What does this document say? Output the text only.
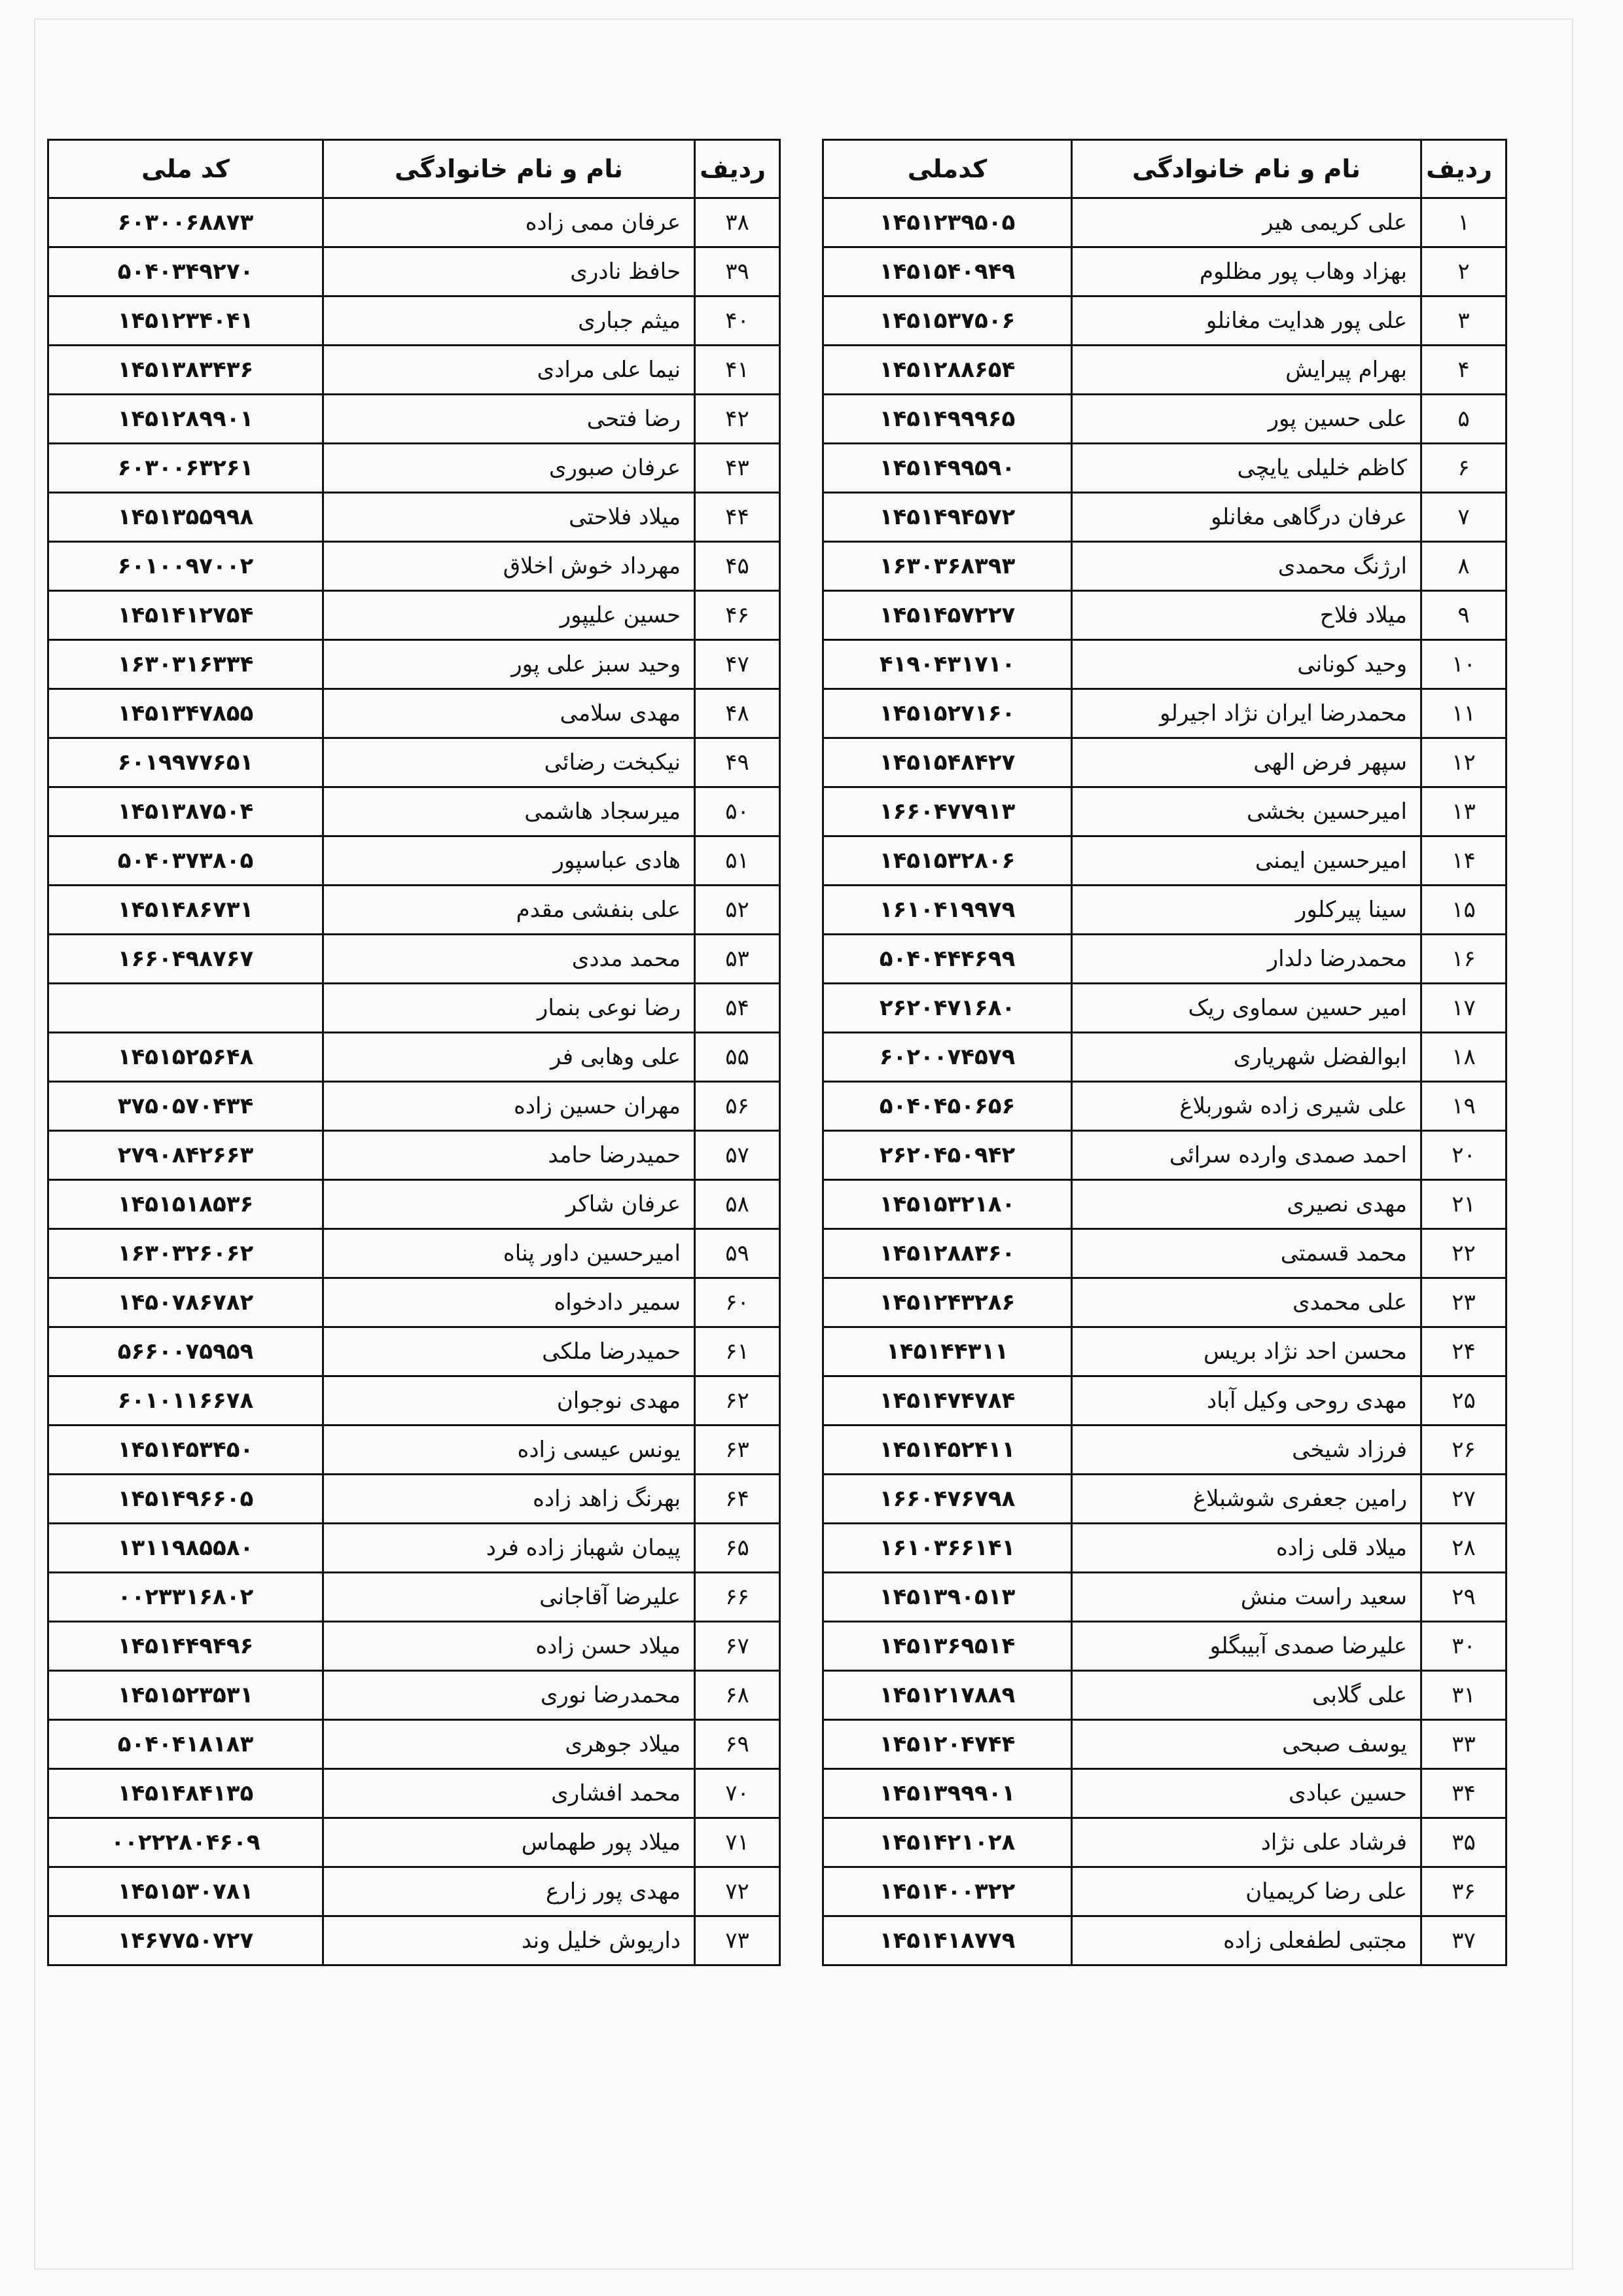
ردیف	نام و نام خانوادگی	کدملی
۱	علی کریمی هیر	۱۴۵۱۲۳۹۵۰۵
۲	بهزاد وهاب پور مظلوم	۱۴۵۱۵۴۰۹۴۹
۳	علی پور هدایت مغانلو	۱۴۵۱۵۳۷۵۰۶
۴	بهرام پیرایش	۱۴۵۱۲۸۸۶۵۴
۵	علی حسین پور	۱۴۵۱۴۹۹۹۶۵
۶	کاظم خلیلی یایچی	۱۴۵۱۴۹۹۵۹۰
۷	عرفان درگاهی مغانلو	۱۴۵۱۴۹۴۵۷۲
۸	ارژنگ محمدی	۱۶۳۰۳۶۸۳۹۳
۹	میلاد فلاح	۱۴۵۱۴۵۷۲۲۷
۱۰	وحید کونانی	۴۱۹۰۴۳۱۷۱۰
۱۱	محمدرضا ایران نژاد اجیرلو	۱۴۵۱۵۲۷۱۶۰
۱۲	سپهر فرض الهی	۱۴۵۱۵۴۸۴۲۷
۱۳	امیرحسین بخشی	۱۶۶۰۴۷۷۹۱۳
۱۴	امیرحسین ایمنی	۱۴۵۱۵۳۲۸۰۶
۱۵	سینا پیرکلور	۱۶۱۰۴۱۹۹۷۹
۱۶	محمدرضا دلدار	۵۰۴۰۴۴۴۶۹۹
۱۷	امیر حسین سماوی ریک	۲۶۲۰۴۷۱۶۸۰
۱۸	ابوالفضل شهریاری	۶۰۲۰۰۷۴۵۷۹
۱۹	علی شیری زاده شوربلاغ	۵۰۴۰۴۵۰۶۵۶
۲۰	احمد صمدی وارده سرائی	۲۶۲۰۴۵۰۹۴۲
۲۱	مهدی نصیری	۱۴۵۱۵۳۲۱۸۰
۲۲	محمد قسمتی	۱۴۵۱۲۸۸۳۶۰
۲۳	علی محمدی	۱۴۵۱۲۴۳۲۸۶
۲۴	محسن احد نژاد بریس	۱۴۵۱۴۴۳۱۱
۲۵	مهدی روحی وکیل آباد	۱۴۵۱۴۷۴۷۸۴
۲۶	فرزاد شیخی	۱۴۵۱۴۵۲۴۱۱
۲۷	رامین جعفری شوشبلاغ	۱۶۶۰۴۷۶۷۹۸
۲۸	میلاد قلی زاده	۱۶۱۰۳۶۶۱۴۱
۲۹	سعید راست منش	۱۴۵۱۳۹۰۵۱۳
۳۰	علیرضا صمدی آبیبگلو	۱۴۵۱۳۶۹۵۱۴
۳۱	علی گلابی	۱۴۵۱۲۱۷۸۸۹
۳۳	یوسف صبحی	۱۴۵۱۲۰۴۷۴۴
۳۴	حسین عبادی	۱۴۵۱۳۹۹۹۰۱
۳۵	فرشاد علی نژاد	۱۴۵۱۴۲۱۰۲۸
۳۶	علی رضا کریمیان	۱۴۵۱۴۰۰۳۲۲
۳۷	مجتبی لطفعلی زاده	۱۴۵۱۴۱۸۷۷۹
ردیف	نام و نام خانوادگی	کد ملی
۳۸	عرفان ممی زاده	۶۰۳۰۰۶۸۸۷۳
۳۹	حافظ نادری	۵۰۴۰۳۴۹۲۷۰
۴۰	میثم جباری	۱۴۵۱۲۳۴۰۴۱
۴۱	نیما علی مرادی	۱۴۵۱۳۸۳۴۳۶
۴۲	رضا فتحی	۱۴۵۱۲۸۹۹۰۱
۴۳	عرفان صبوری	۶۰۳۰۰۶۳۲۶۱
۴۴	میلاد فلاحتی	۱۴۵۱۳۵۵۹۹۸
۴۵	مهرداد خوش اخلاق	۶۰۱۰۰۹۷۰۰۲
۴۶	حسین علیپور	۱۴۵۱۴۱۲۷۵۴
۴۷	وحید سبز علی پور	۱۶۳۰۳۱۶۳۳۴
۴۸	مهدی سلامی	۱۴۵۱۳۴۷۸۵۵
۴۹	نیکبخت رضائی	۶۰۱۹۹۷۷۶۵۱
۵۰	میرسجاد هاشمی	۱۴۵۱۳۸۷۵۰۴
۵۱	هادی عباسپور	۵۰۴۰۳۷۳۸۰۵
۵۲	علی بنفشی مقدم	۱۴۵۱۴۸۶۷۳۱
۵۳	محمد مددی	۱۶۶۰۴۹۸۷۶۷
۵۴	رضا نوعی بنمار	
۵۵	علی وهابی فر	۱۴۵۱۵۲۵۶۴۸
۵۶	مهران حسین زاده	۳۷۵۰۵۷۰۴۳۴
۵۷	حمیدرضا حامد	۲۷۹۰۸۴۲۶۶۳
۵۸	عرفان شاکر	۱۴۵۱۵۱۸۵۳۶
۵۹	امیرحسین داور پناه	۱۶۳۰۳۲۶۰۶۲
۶۰	سمیر دادخواه	۱۴۵۰۷۸۶۷۸۲
۶۱	حمیدرضا ملکی	۵۶۶۰۰۷۵۹۵۹
۶۲	مهدی نوجوان	۶۰۱۰۱۱۶۶۷۸
۶۳	یونس عیسی زاده	۱۴۵۱۴۵۳۴۵۰
۶۴	بهرنگ زاهد زاده	۱۴۵۱۴۹۶۶۰۵
۶۵	پیمان شهباز زاده فرد	۱۳۱۱۹۸۵۵۸۰
۶۶	علیرضا آقاجانی	۰۰۲۳۳۱۶۸۰۲
۶۷	میلاد حسن زاده	۱۴۵۱۴۴۹۴۹۶
۶۸	محمدرضا نوری	۱۴۵۱۵۲۳۵۳۱
۶۹	میلاد جوهری	۵۰۴۰۴۱۸۱۸۳
۷۰	محمد افشاری	۱۴۵۱۴۸۴۱۳۵
۷۱	میلاد پور طهماس	۰۰۲۲۲۸۰۴۶۰۹
۷۲	مهدی پور زارع	۱۴۵۱۵۳۰۷۸۱
۷۳	داریوش خلیل وند	۱۴۶۷۷۵۰۷۲۷
